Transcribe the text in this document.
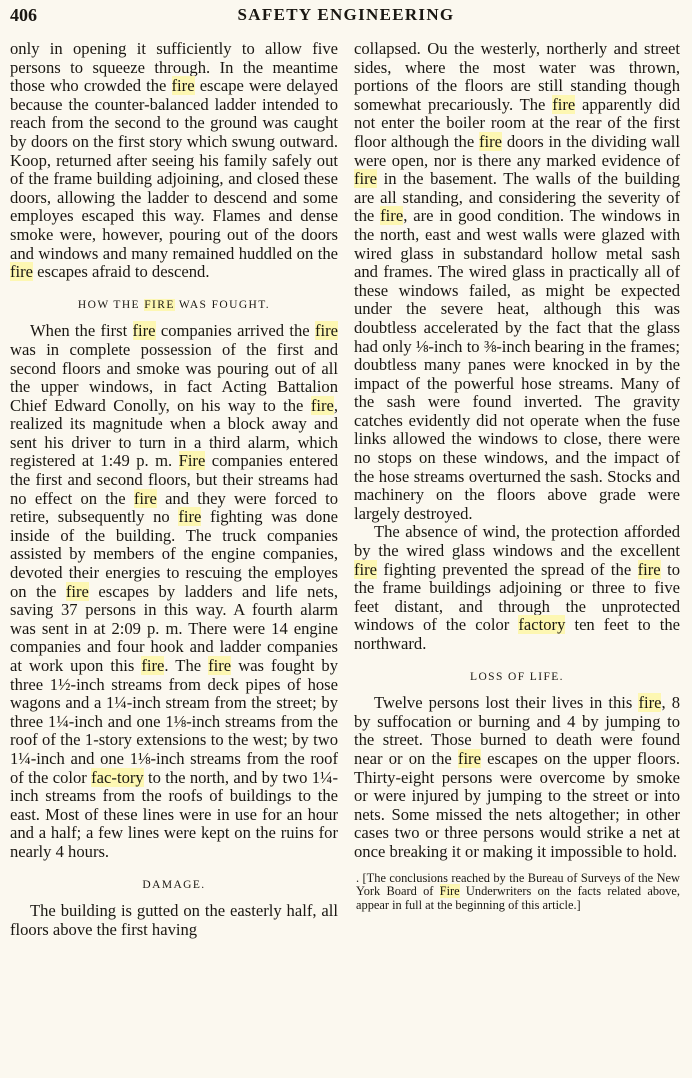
406	SAFETY ENGINEERING

only in opening it sufficiently to allow five persons to squeeze through. In the meantime those who crowded the fire escape were delayed because the counter-balanced ladder intended to reach from the second to the ground was caught by doors on the first story which swung outward. Koop, returned after seeing his family safely out of the frame building adjoining, and closed these doors, allowing the ladder to descend and some employes escaped this way. Flames and dense smoke were, however, pouring out of the doors and windows and many remained huddled on the fire escapes afraid to descend.

HOW THE FIRE WAS FOUGHT.

When the first fire companies arrived the fire was in complete possession of the first and second floors and smoke was pouring out of all the upper windows, in fact Acting Battalion Chief Edward Conolly, on his way to the fire, realized its magnitude when a block away and sent his driver to turn in a third alarm, which registered at 1:49 p. m. Fire companies entered the first and second floors, but their streams had no effect on the fire and they were forced to retire, subsequently no fire fighting was done inside of the building. The truck companies assisted by members of the engine companies, devoted their energies to rescuing the employes on the fire escapes by ladders and life nets, saving 37 persons in this way. A fourth alarm was sent in at 2:09 p. m. There were 14 engine companies and four hook and ladder companies at work upon this fire. The fire was fought by three 1½-inch streams from deck pipes of hose wagons and a 1¼-inch stream from the street; by three 1¼-inch and one 1⅛-inch streams from the roof of the 1-story extensions to the west; by two 1¼-inch and one 1⅛-inch streams from the roof of the color fac-tory to the north, and by two 1¼-inch streams from the roofs of buildings to the east. Most of these lines were in use for an hour and a half; a few lines were kept on the ruins for nearly 4 hours.

DAMAGE.

The building is gutted on the easterly half, all floors above the first having

collapsed. Ou the westerly, northerly and street sides, where the most water was thrown, portions of the floors are still standing though somewhat precariously. The fire apparently did not enter the boiler room at the rear of the first floor although the fire doors in the dividing wall were open, nor is there any marked evidence of fire in the basement. The walls of the building are all standing, and considering the severity of the fire, are in good condition. The windows in the north, east and west walls were glazed with wired glass in substandard hollow metal sash and frames. The wired glass in practically all of these windows failed, as might be expected under the severe heat, although this was doubtless accelerated by the fact that the glass had only ⅛-inch to ⅜-inch bearing in the frames; doubtless many panes were knocked in by the impact of the powerful hose streams. Many of the sash were found inverted. The gravity catches evidently did not operate when the fuse links allowed the windows to close, there were no stops on these windows, and the impact of the hose streams overturned the sash. Stocks and machinery on the floors above grade were largely destroyed.

The absence of wind, the protection afforded by the wired glass windows and the excellent fire fighting prevented the spread of the fire to the frame buildings adjoining or three to five feet distant, and through the unprotected windows of the color factory ten feet to the northward.

LOSS OF LIFE.

Twelve persons lost their lives in this fire, 8 by suffocation or burning and 4 by jumping to the street. Those burned to death were found near or on the fire escapes on the upper floors. Thirty-eight persons were overcome by smoke or were injured by jumping to the street or into nets. Some missed the nets altogether; in other cases two or three persons would strike a net at once breaking it or making it impossible to hold.

. [The conclusions reached by the Bureau of Surveys of the New York Board of Fire Underwriters on the facts related above, appear in full at the beginning of this article.]
